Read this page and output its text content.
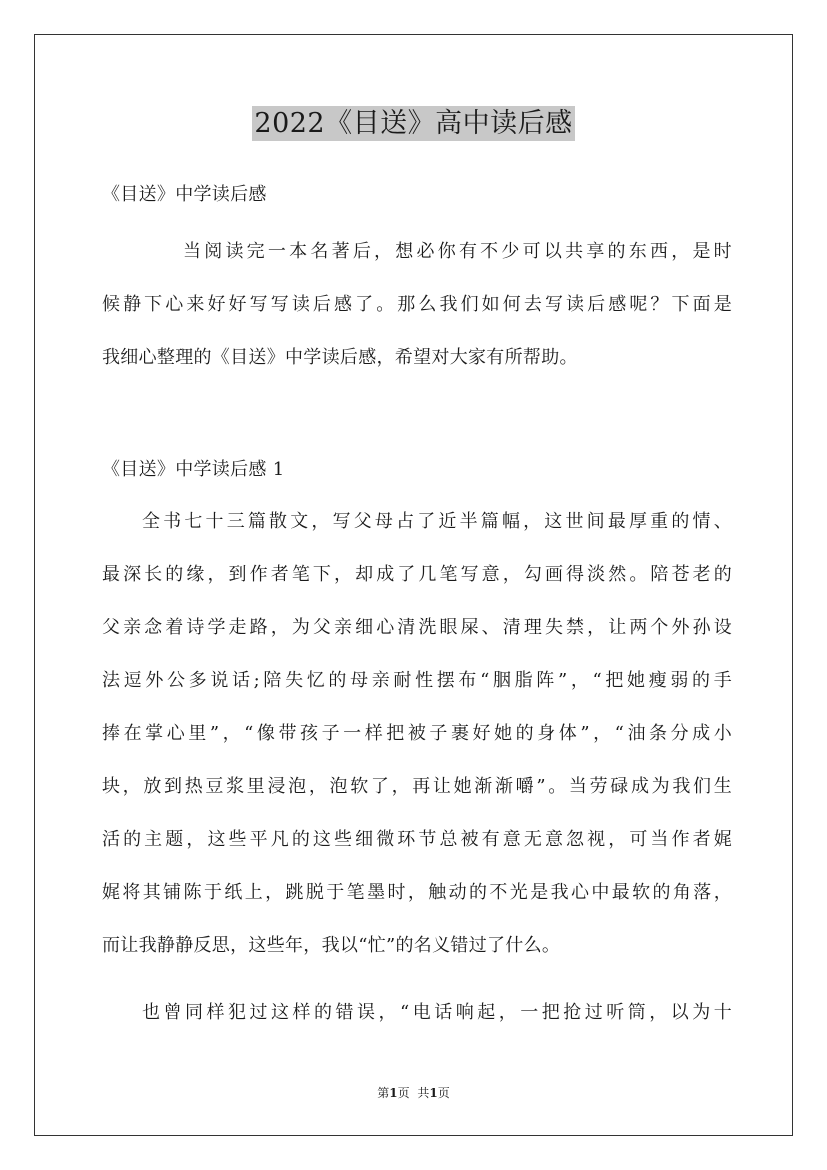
2022《目送》高中读后感
《目送》中学读后感
当阅读完一本名著后，想必你有不少可以共享的东西，是时
候静下心来好好写写读后感了。那么我们如何去写读后感呢？下面是
我细心整理的《目送》中学读后感，希望对大家有所帮助。
《目送》中学读后感 1
全书七十三篇散文，写父母占了近半篇幅，这世间最厚重的情、
最深长的缘，到作者笔下，却成了几笔写意，勾画得淡然。陪苍老的
父亲念着诗学走路，为父亲细心清洗眼屎、清理失禁，让两个外孙设
法逗外公多说话;陪失忆的母亲耐性摆布“胭脂阵”，“把她瘦弱的手
捧在掌心里”，“像带孩子一样把被子裹好她的身体”，“油条分成小
块，放到热豆浆里浸泡，泡软了，再让她渐渐嚼”。当劳碌成为我们生
活的主题，这些平凡的这些细微环节总被有意无意忽视，可当作者娓
娓将其铺陈于纸上，跳脱于笔墨时，触动的不光是我心中最软的角落，
而让我静静反思，这些年，我以“忙”的名义错过了什么。
也曾同样犯过这样的错误，“电话响起，一把抢过听筒，以为十
第1页 共1页
